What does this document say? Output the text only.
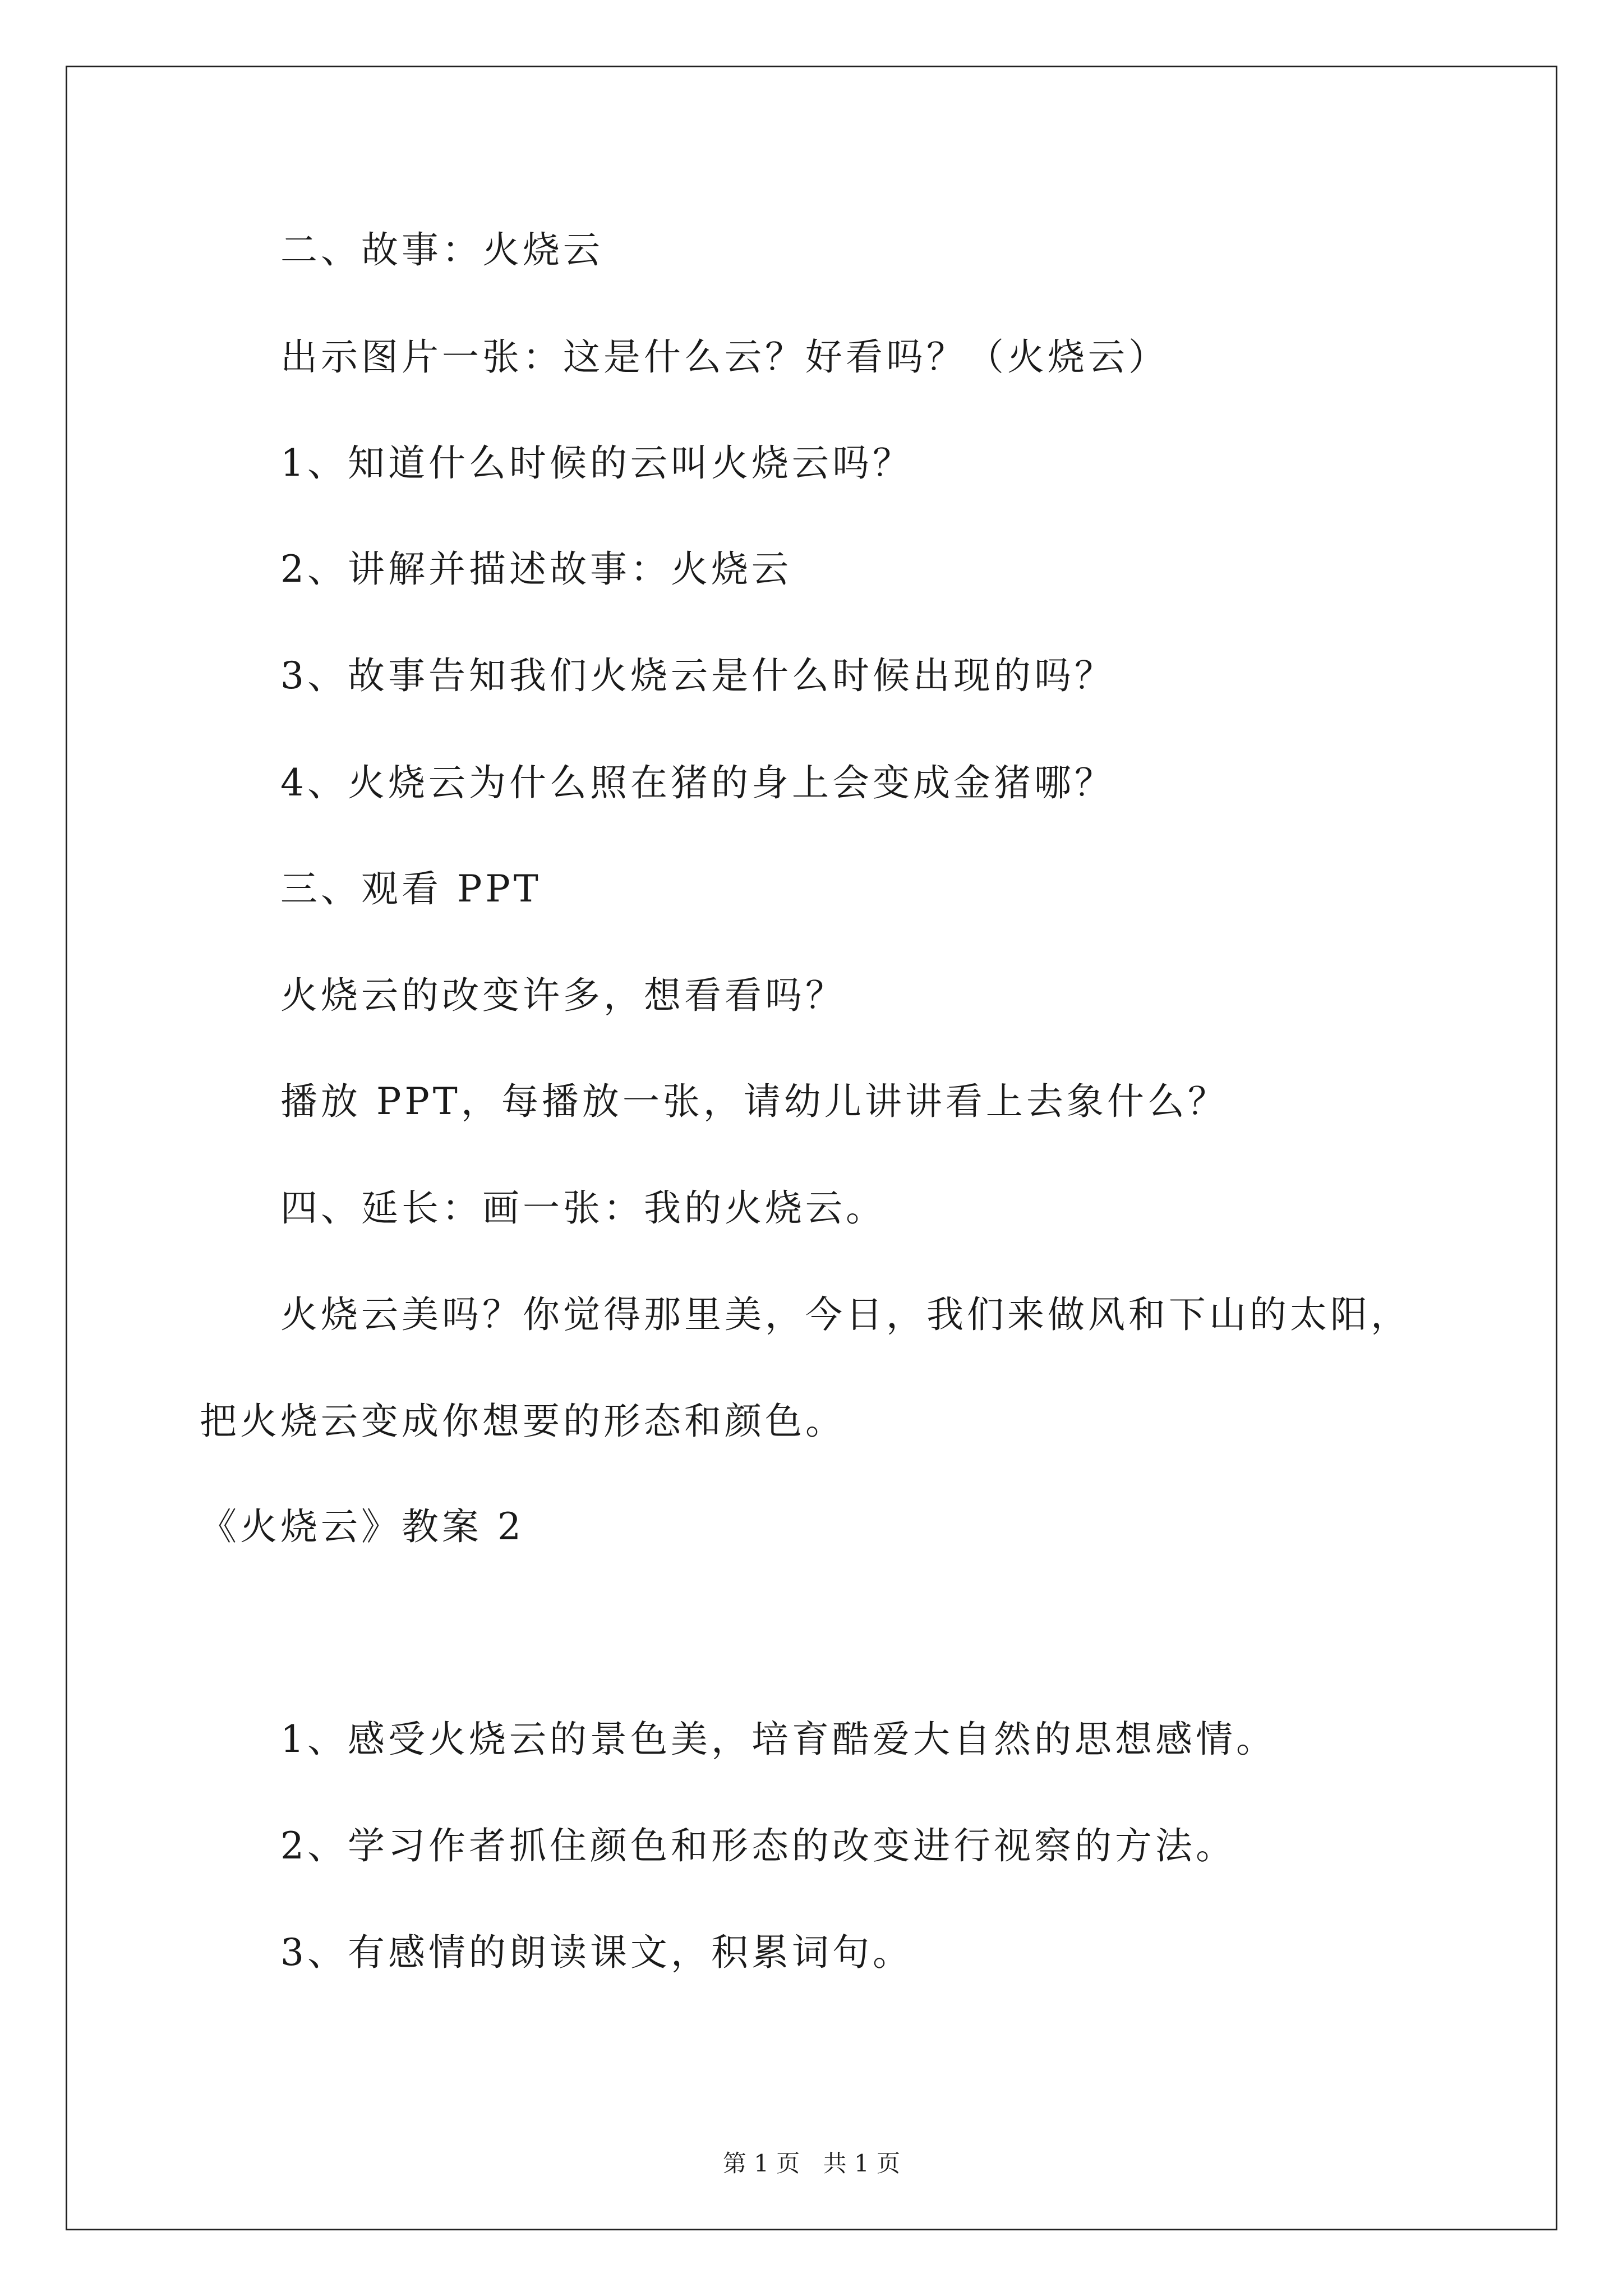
二、故事：火烧云
出示图片一张：这是什么云？好看吗？（火烧云）
1、知道什么时候的云叫火烧云吗？
2、讲解并描述故事：火烧云
3、故事告知我们火烧云是什么时候出现的吗？
4、火烧云为什么照在猪的身上会变成金猪哪？
三、观看 PPT
火烧云的改变许多，想看看吗？
播放 PPT，每播放一张，请幼儿讲讲看上去象什么？
四、延长：画一张：我的火烧云。
火烧云美吗？你觉得那里美，今日，我们来做风和下山的太阳，
把火烧云变成你想要的形态和颜色。
《火烧云》教案 2
1、感受火烧云的景色美，培育酷爱大自然的思想感情。
2、学习作者抓住颜色和形态的改变进行视察的方法。
3、有感情的朗读课文，积累词句。
第 1 页 共 1 页
